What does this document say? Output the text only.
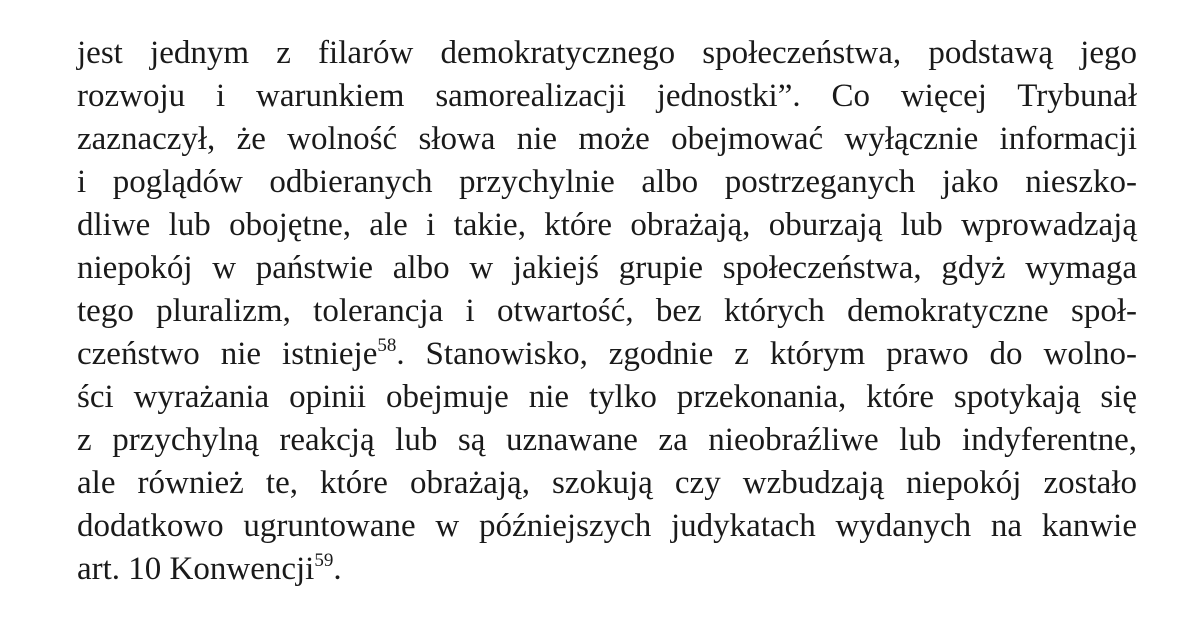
jest jednym z filarów demokratycznego społeczeństwa, podstawą jego
rozwoju i warunkiem samorealizacji jednostki”. Co więcej Trybunał
zaznaczył, że wolność słowa nie może obejmować wyłącznie informacji
i poglądów odbieranych przychylnie albo postrzeganych jako nieszko-
dliwe lub obojętne, ale i takie, które obrażają, oburzają lub wprowadzają
niepokój w państwie albo w jakiejś grupie społeczeństwa, gdyż wymaga
tego pluralizm, tolerancja i otwartość, bez których demokratyczne społ-
czeństwo nie istnieje$^{58}$. Stanowisko, zgodnie z którym prawo do wolno-
ści wyrażania opinii obejmuje nie tylko przekonania, które spotykają się
z przychylną reakcją lub są uznawane za nieobraźliwe lub indyferentne,
ale również te, które obrażają, szokują czy wzbudzają niepokój zostało
dodatkowo ugruntowane w późniejszych judykatach wydanych na kanwie
art. 10 Konwencji$^{59}$.
